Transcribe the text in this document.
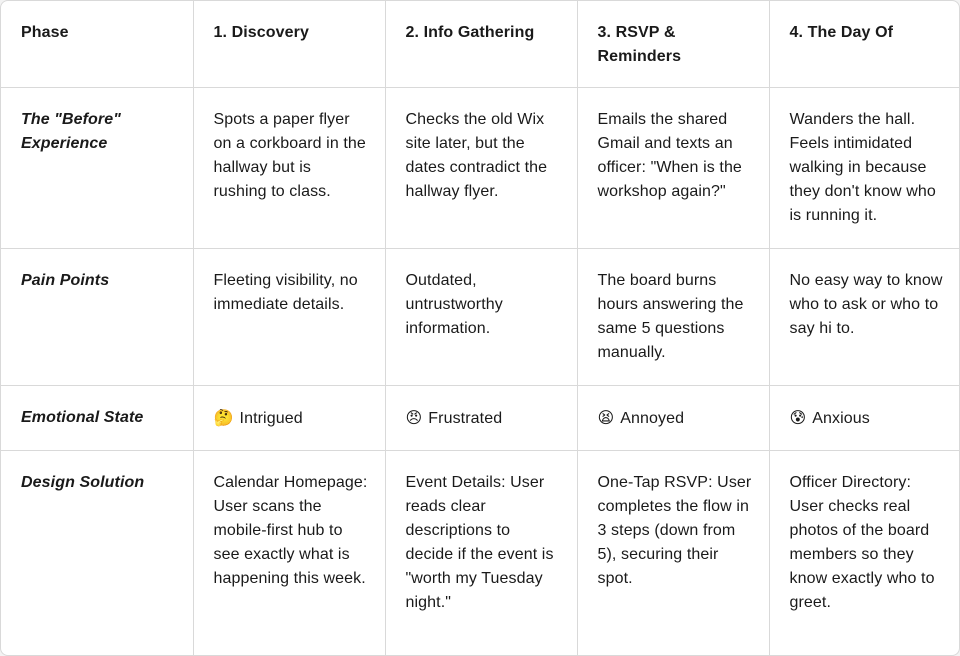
Phase	1. Discovery	2. Info Gathering	3. RSVP & Reminders	4. The Day Of
The "Before" Experience	Spots a paper flyer on a corkboard in the hallway but is rushing to class.	Checks the old Wix site later, but the dates contradict the hallway flyer.	Emails the shared Gmail and texts an officer: "When is the workshop again?"	Wanders the hall. Feels intimidated walking in because they don't know who is running it.
Pain Points	Fleeting visibility, no immediate details.	Outdated, untrustworthy information.	The board burns hours answering the same 5 questions manually.	No easy way to know who to ask or who to say hi to.
Emotional State	🤔 Intrigued	😠 Frustrated	😫 Annoyed	😰 Anxious
Design Solution	Calendar Homepage: User scans the mobile-first hub to see exactly what is happening this week.	Event Details: User reads clear descriptions to decide if the event is "worth my Tuesday night."	One-Tap RSVP: User completes the flow in 3 steps (down from 5), securing their spot.	Officer Directory: User checks real photos of the board members so they know exactly who to greet.
